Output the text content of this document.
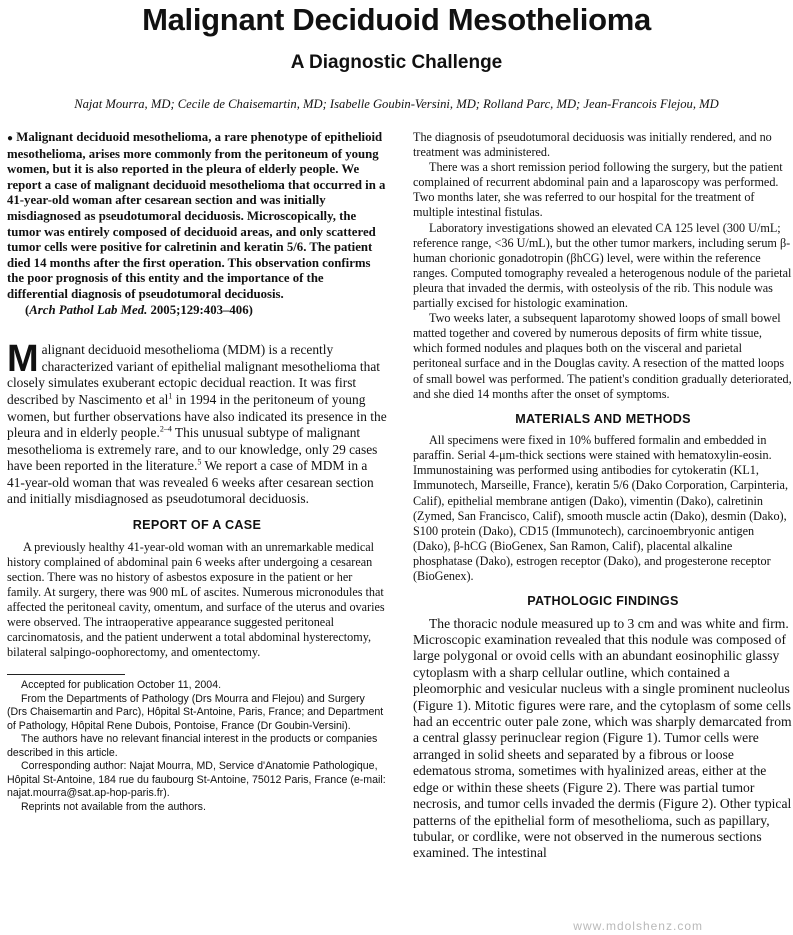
Malignant Deciduoid Mesothelioma
A Diagnostic Challenge

Najat Mourra, MD; Cecile de Chaisemartin, MD; Isabelle Goubin-Versini, MD; Rolland Parc, MD; Jean-Francois Flejou, MD

● Malignant deciduoid mesothelioma, a rare phenotype of epithelioid mesothelioma, arises more commonly from the peritoneum of young women, but it is also reported in the pleura of elderly people. We report a case of malignant deciduoid mesothelioma that occurred in a 41-year-old woman after cesarean section and was initially misdiagnosed as pseudotumoral deciduosis. Microscopically, the tumor was entirely composed of deciduoid areas, and only scattered tumor cells were positive for calretinin and keratin 5/6. The patient died 14 months after the first operation. This observation confirms the poor prognosis of this entity and the importance of the differential diagnosis of pseudotumoral deciduosis.

(Arch Pathol Lab Med. 2005;129:403–406)

Malignant deciduoid mesothelioma (MDM) is a recently characterized variant of epithelial malignant mesothelioma that closely simulates exuberant ectopic decidual reaction. It was first described by Nascimento et $al^1$ in 1994 in the peritoneum of young women, but further observations have also indicated its presence in the pleura and in elderly people.$^{2-4}$ This unusual subtype of malignant mesothelioma is extremely rare, and to our knowledge, only 29 cases have been reported in the literature.$^5$ We report a case of MDM in a 41-year-old woman that was revealed 6 weeks after cesarean section and initially misdiagnosed as pseudotumoral deciduosis.

REPORT OF A CASE

A previously healthy 41-year-old woman with an unremarkable medical history complained of abdominal pain 6 weeks after undergoing a cesarean section. There was no history of asbestos exposure in the patient or her family. At surgery, there was 900 mL of ascites. Numerous micronodules that affected the peritoneal cavity, omentum, and surface of the uterus and ovaries were observed. The intraoperative appearance suggested peritoneal carcinomatosis, and the patient underwent a total abdominal hysterectomy, bilateral salpingo-oophorectomy, and omentectomy.

Accepted for publication October 11, 2004.

From the Departments of Pathology (Drs Mourra and Flejou) and Surgery (Drs Chaisemartin and Parc), Hôpital St-Antoine, Paris, France; and Department of Pathology, Hôpital Rene Dubois, Pontoise, France (Dr Goubin-Versini).

The authors have no relevant financial interest in the products or companies described in this article.

Corresponding author: Najat Mourra, MD, Service d'Anatomie Pathologique, Hôpital St-Antoine, 184 rue du faubourg St-Antoine, 75012 Paris, France (e-mail: najat.mourra@sat.ap-hop-paris.fr).

Reprints not available from the authors.

The diagnosis of pseudotumoral deciduosis was initially rendered, and no treatment was administered.

There was a short remission period following the surgery, but the patient complained of recurrent abdominal pain and a laparoscopy was performed. Two months later, she was referred to our hospital for the treatment of multiple intestinal fistulas.

Laboratory investigations showed an elevated CA 125 level (300 U/mL; reference range, <36 U/mL), but the other tumor markers, including serum β-human chorionic gonadotropin (βhCG) level, were within the reference ranges. Computed tomography revealed a heterogenous nodule of the parietal pleura that invaded the dermis, with osteolysis of the rib. This nodule was partially excised for histologic examination.

Two weeks later, a subsequent laparotomy showed loops of small bowel matted together and covered by numerous deposits of firm white tissue, which formed nodules and plaques both on the visceral and parietal peritoneal surface and in the Douglas cavity. A resection of the matted loops of small bowel was performed. The patient's condition gradually deteriorated, and she died 14 months after the onset of symptoms.

MATERIALS AND METHODS

All specimens were fixed in 10% buffered formalin and embedded in paraffin. Serial 4-μm-thick sections were stained with hematoxylin-eosin. Immunostaining was performed using antibodies for cytokeratin (KL1, Immunotech, Marseille, France), keratin 5/6 (Dako Corporation, Carpinteria, Calif), epithelial membrane antigen (Dako), vimentin (Dako), calretinin (Zymed, San Francisco, Calif), smooth muscle actin (Dako), desmin (Dako), S100 protein (Dako), CD15 (Immunotech), carcinoembryonic antigen (Dako), β-hCG (BioGenex, San Ramon, Calif), placental alkaline phosphatase (Dako), estrogen receptor (Dako), and progesterone receptor (BioGenex).

PATHOLOGIC FINDINGS

The thoracic nodule measured up to 3 cm and was white and firm. Microscopic examination revealed that this nodule was composed of large polygonal or ovoid cells with an abundant eosinophilic glassy cytoplasm with a sharp cellular outline, which contained a pleomorphic and vesicular nucleus with a single prominent nucleolus (Figure 1). Mitotic figures were rare, and the cytoplasm of some cells had an eccentric outer pale zone, which was sharply demarcated from a central glassy perinuclear region (Figure 1). Tumor cells were arranged in solid sheets and separated by a fibrous or loose edematous stroma, sometimes with hyalinized areas, either at the edge or within these sheets (Figure 2). There was partial tumor necrosis, and tumor cells invaded the dermis (Figure 2). Other typical patterns of the epithelial form of mesothelioma, such as papillary, tubular, or cordlike, were not observed in the numerous sections examined. The intestinal

www.mdolshenz.com
